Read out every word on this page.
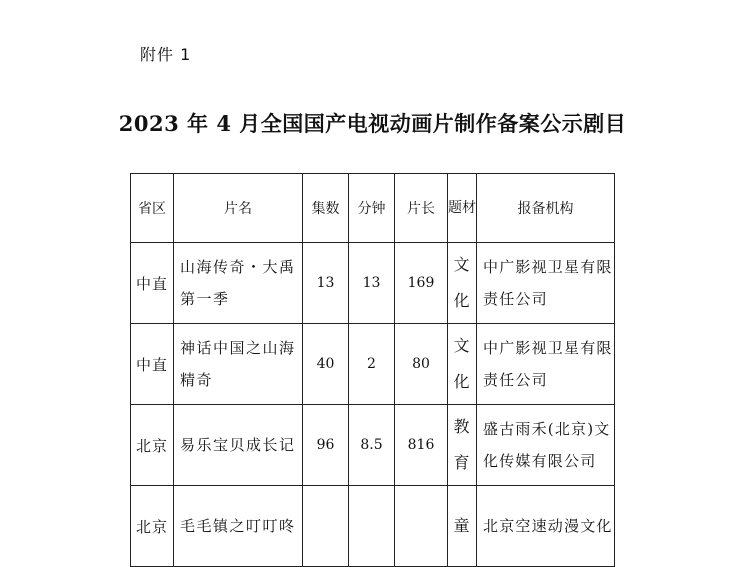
附件 1
2023 年 4 月全国国产电视动画片制作备案公示剧目
省区	片名	集数	分钟	片长	题材	报备机构
中直	山海传奇・大禹第一季	13	13	169	文化	中广影视卫星有限责任公司
中直	神话中国之山海精奇	40	2	80	文化	中广影视卫星有限责任公司
北京	易乐宝贝成长记	96	8.5	816	教育	盛古雨禾(北京)文化传媒有限公司
北京	毛毛镇之叮叮咚				童	北京空速动漫文化
